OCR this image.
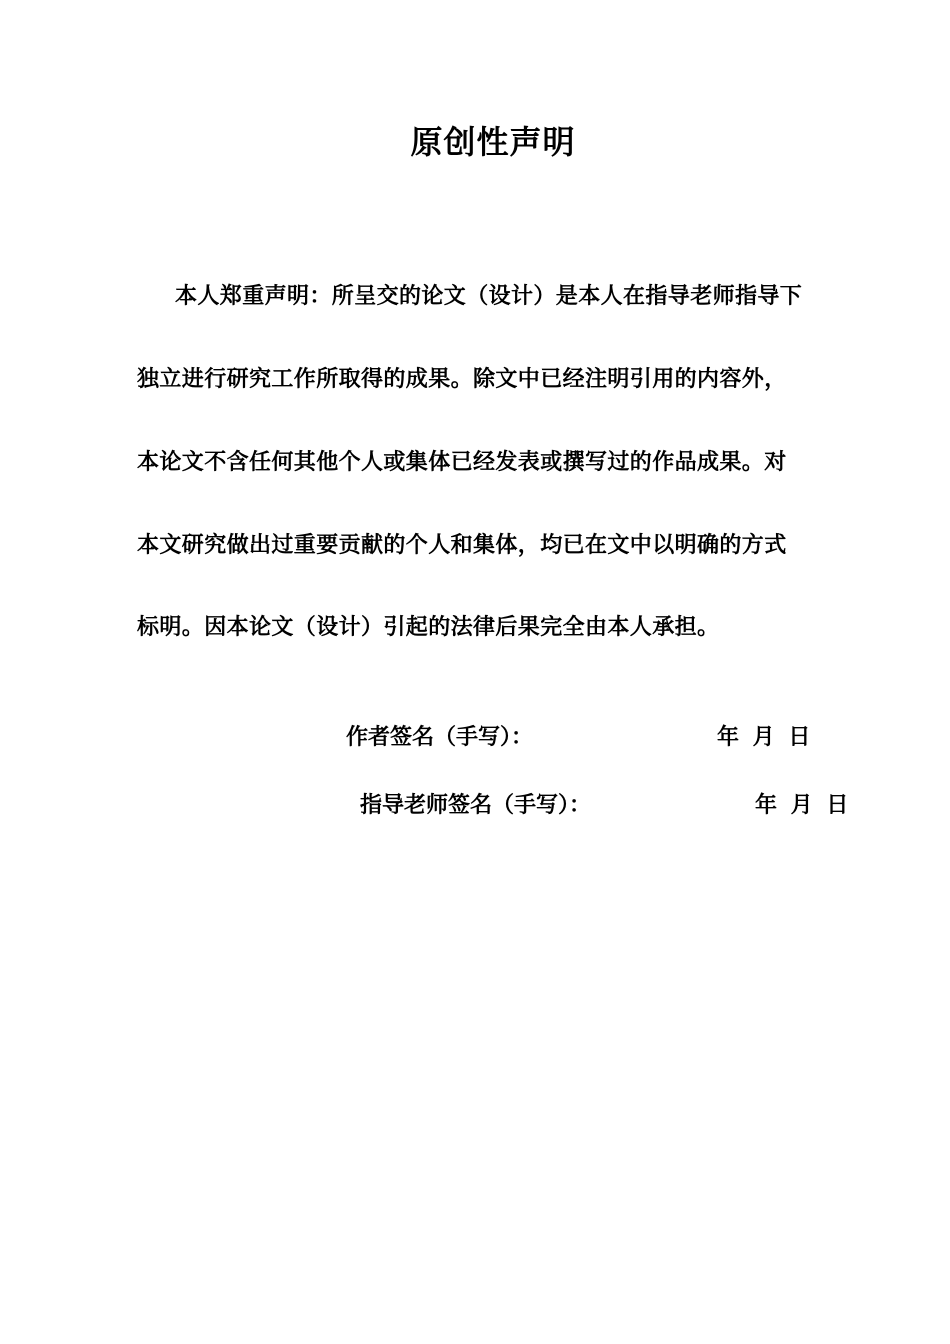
原创性声明
本人郑重声明：所呈交的论文（设计）是本人在指导老师指导下
独立进行研究工作所取得的成果。除文中已经注明引用的内容外，
本论文不含任何其他个人或集体已经发表或撰写过的作品成果。对
本文研究做出过重要贡献的个人和集体，均已在文中以明确的方式
标明。因本论文（设计）引起的法律后果完全由本人承担。
作者签名（手写）：	年 月 日
指导老师签名（手写）：	年 月 日
